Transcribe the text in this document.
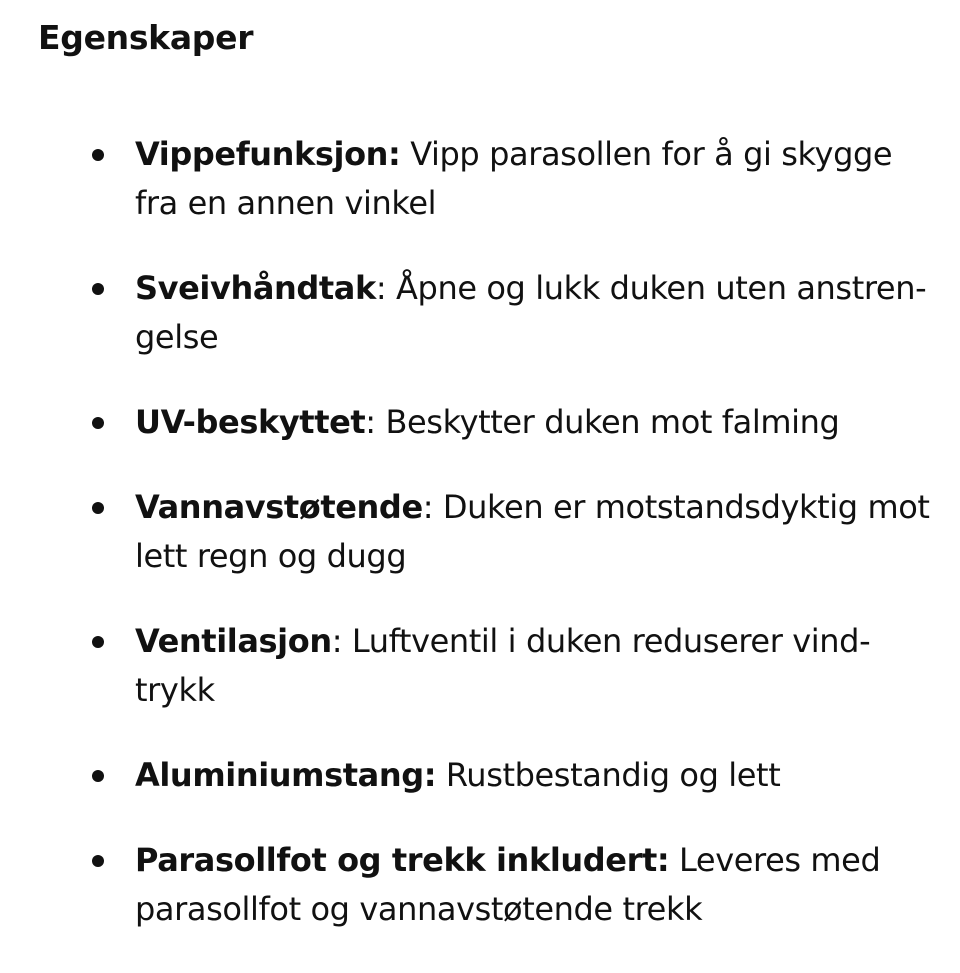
Egenskaper
Vippefunksjon: Vipp parasollen for å gi skygge fra en annen vinkel
Sveivhåndtak: Åpne og lukk duken uten anstrengelse
UV-beskyttet: Beskytter duken mot falming
Vannavstøtende: Duken er motstandsdyktig mot lett regn og dugg
Ventilasjon: Luftventil i duken reduserer vindtrykk
Aluminiumstang: Rustbestandig og lett
Parasollfot og trekk inkludert: Leveres med parasollfot og vannavstøtende trekk
